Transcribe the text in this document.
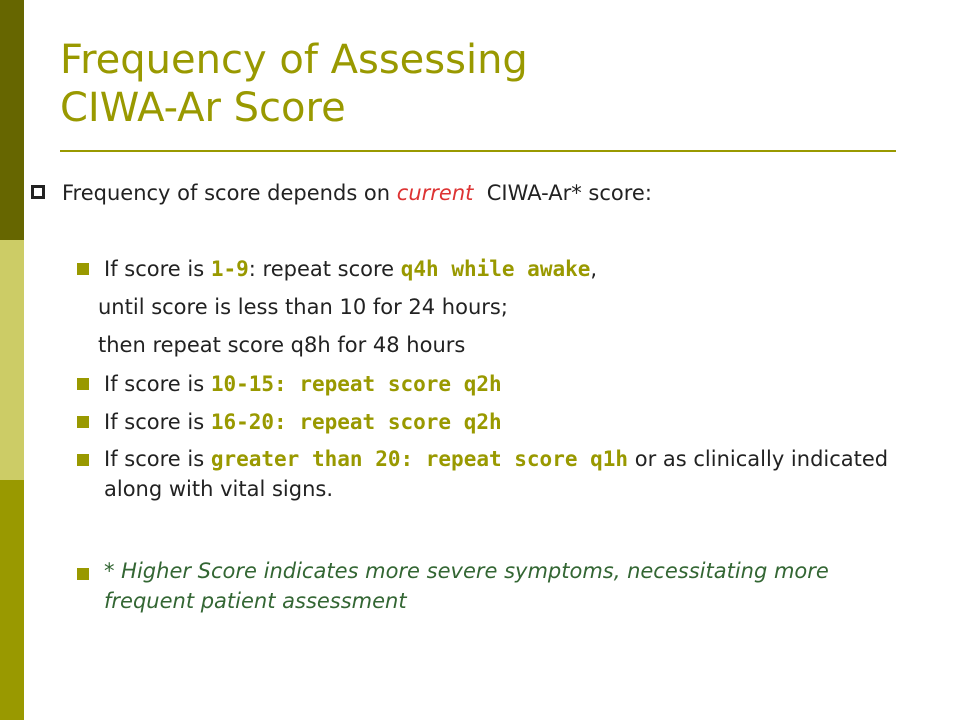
Frequency of Assessing
CIWA-Ar Score
Frequency of score depends on current  CIWA-Ar* score:
If score is 1-9: repeat score q4h while awake,
until score is less than 10 for 24 hours;
then repeat score q8h for 48 hours
If score is 10-15: repeat score q2h
If score is 16-20: repeat score q2h
If score is greater than 20: repeat score q1h or as clinically indicated along with vital signs.
* Higher Score indicates more severe symptoms, necessitating more frequent patient assessment
